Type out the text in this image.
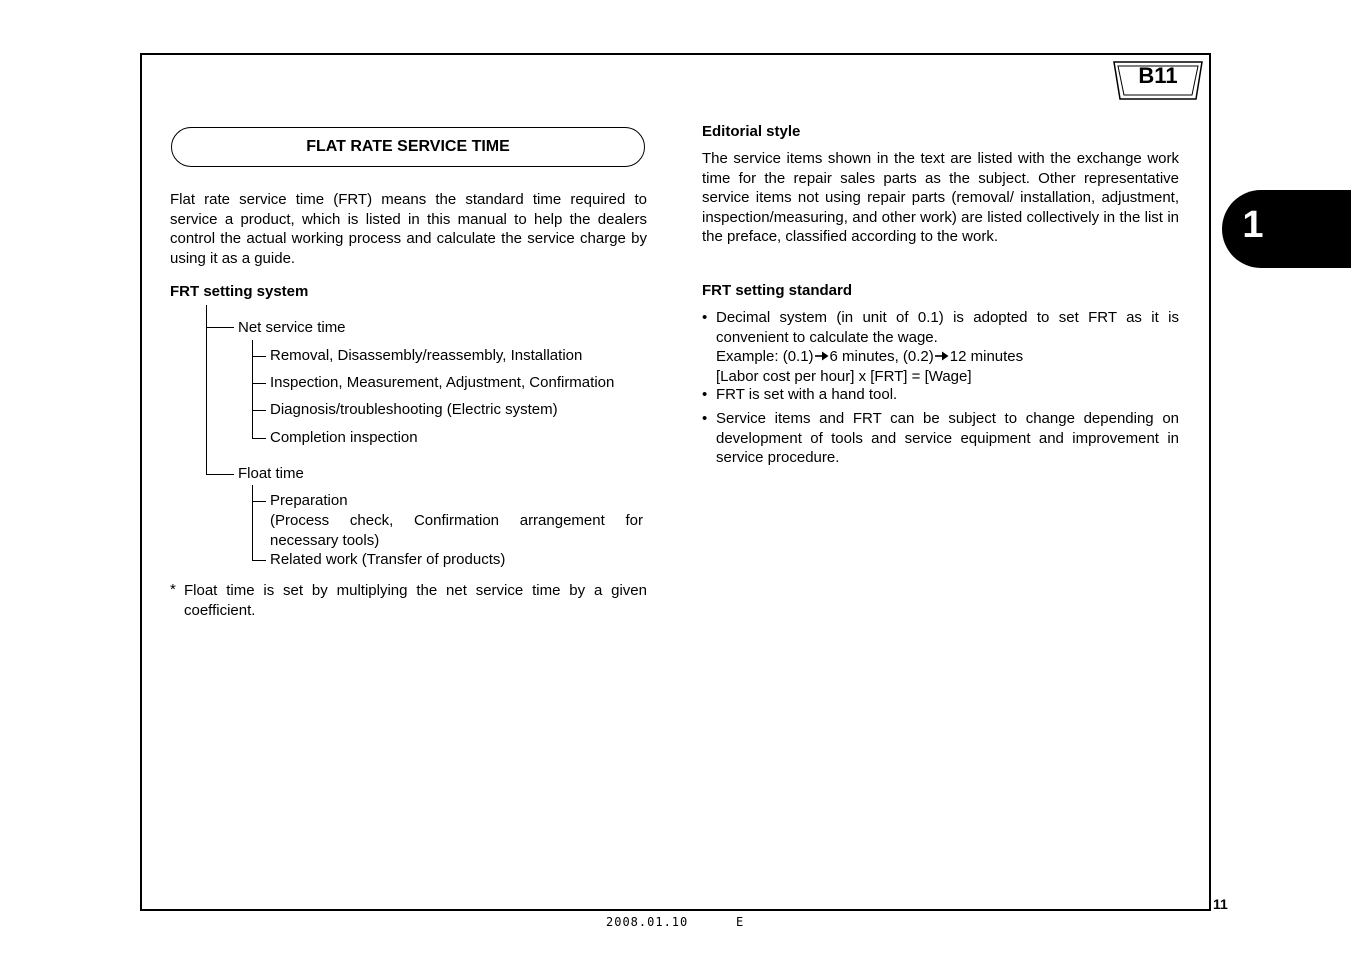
B11
1
FLAT RATE SERVICE TIME
Flat rate service time (FRT) means the standard time required to service a product, which is listed in this manual to help the dealers control the actual working process and calculate the service charge by using it as a guide.
FRT setting system
Net service time
Removal, Disassembly/reassembly, Installation
Inspection, Measurement, Adjustment, Confirmation
Diagnosis/troubleshooting (Electric system)
Completion inspection
Float time
Preparation
(Process check, Confirmation arrangement for necessary tools)
Related work (Transfer of products)
* Float time is set by multiplying the net service time by a given coefficient.
Editorial style
The service items shown in the text are listed with the exchange work time for the repair sales parts as the subject. Other representative service items not using repair parts (removal/ installation, adjustment, inspection/measuring, and other work) are listed collectively in the list in the preface, classified according to the work.
FRT setting standard
• Decimal system (in unit of 0.1) is adopted to set FRT as it is convenient to calculate the wage.
Example: (0.1) 6 minutes, (0.2) 12 minutes
[Labor cost per hour] x [FRT] = [Wage]
• FRT is set with a hand tool.
• Service items and FRT can be subject to change depending on development of tools and service equipment and improvement in service procedure.
2008.01.10	E
11
